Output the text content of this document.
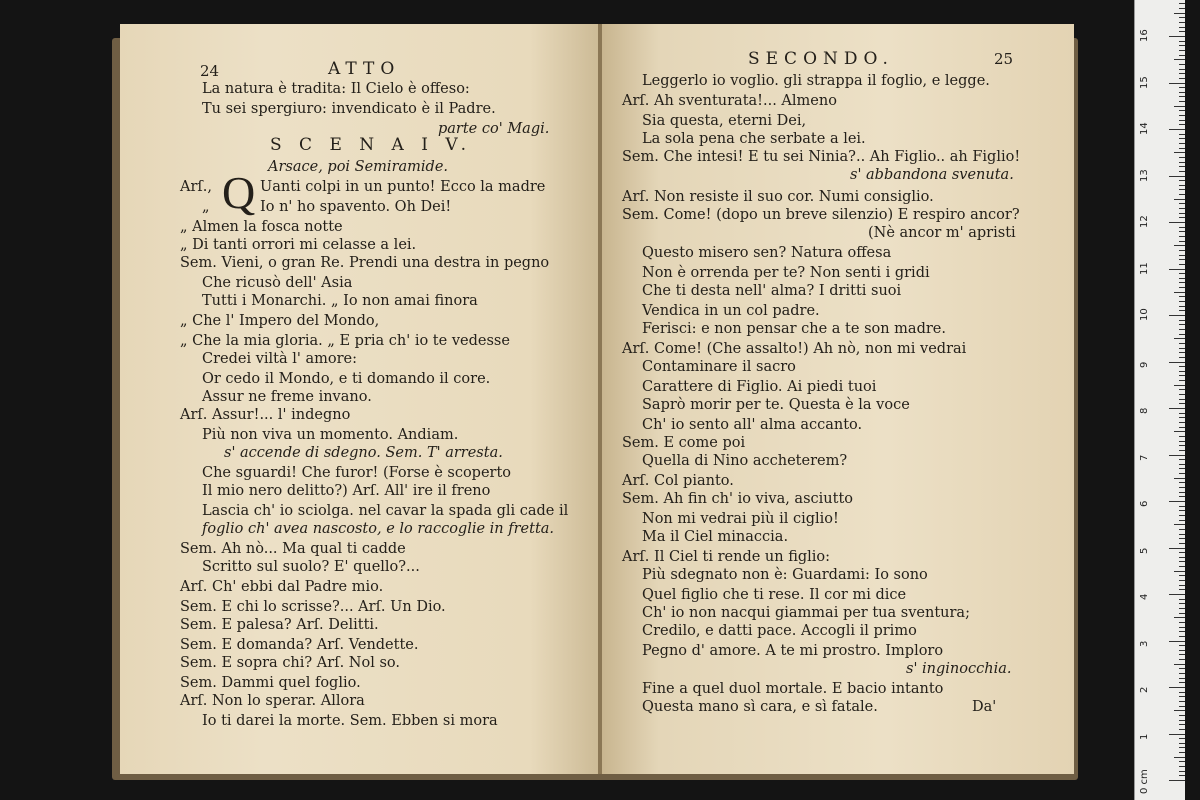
24	ATTO
Q
La natura è tradita: Il Cielo è offeso:
Tu sei spergiuro: invendicato è il Padre.
parte co' Magi.
S C E N A I V.
Arsace, poi Semiramide.
Arſ.,	Uanti colpi in un punto! Ecco la madre
„	Io n' ho spavento. Oh Dei!
„ Almen la fosca notte
„ Di tanti orrori mi celasse a lei.
Sem. Vieni, o gran Re. Prendi una destra in pegno
Che ricusò dell' Asia
Tutti i Monarchi. „ Io non amai finora
„ Che l' Impero del Mondo,
„ Che la mia gloria. „ E pria ch' io te vedesse
Credei viltà l' amore:
Or cedo il Mondo, e ti domando il core.
Assur ne freme invano.
Arſ. Assur!... l' indegno
Più non viva un momento. Andiam.
s' accende di sdegno. Sem. T' arresta.
Che sguardi! Che furor! (Forse è scoperto
Il mio nero delitto?) Arſ. All' ire il freno
Lascia ch' io sciolga. nel cavar la spada gli cade il
foglio ch' avea nascosto, e lo raccoglie in fretta.
Sem. Ah nò... Ma qual ti cadde
Scritto sul suolo? E' quello?...
Arſ. Ch' ebbi dal Padre mio.
Sem. E chi lo scrisse?... Arſ. Un Dio.
Sem. E palesa? Arſ. Delitti.
Sem. E domanda? Arſ. Vendette.
Sem. E sopra chi? Arſ. Nol so.
Sem. Dammi quel foglio.
Arſ. Non lo sperar. Allora
Io ti darei la morte. Sem. Ebben si mora
SECONDO.	25
Leggerlo io voglio. gli strappa il foglio, e legge.
Arſ. Ah sventurata!... Almeno
Sia questa, eterni Dei,
La sola pena che serbate a lei.
Sem. Che intesi! E tu sei Ninia?.. Ah Figlio.. ah Figlio!
s' abbandona svenuta.
Arſ. Non resiste il suo cor. Numi consiglio.
Sem. Come! (dopo un breve silenzio) E respiro ancor?
(Nè ancor m' apristi
Questo misero sen? Natura offesa
Non è orrenda per te? Non senti i gridi
Che ti desta nell' alma? I dritti suoi
Vendica in un col padre.
Ferisci: e non pensar che a te son madre.
Arſ. Come! (Che assalto!) Ah nò, non mi vedrai
Contaminare il sacro
Carattere di Figlio. Ai piedi tuoi
Saprò morir per te. Questa è la voce
Ch' io sento all' alma accanto.
Sem. E come poi
Quella di Nino accheterem?
Arſ. Col pianto.
Sem. Ah fin ch' io viva, asciutto
Non mi vedrai più il ciglio!
Ma il Ciel minaccia.
Arſ. Il Ciel ti rende un figlio:
Più sdegnato non è: Guardami: Io sono
Quel figlio che ti rese. Il cor mi dice
Ch' io non nacqui giammai per tua sventura;
Credilo, e datti pace. Accogli il primo
Pegno d' amore. A te mi prostro. Imploro
s' inginocchia.
Fine a quel duol mortale. E bacio intanto
Questa mano sì cara, e sì fatale.	Da'
0 cm
1
2
3
4
5
6
7
8
9
10
11
12
13
14
15
16
